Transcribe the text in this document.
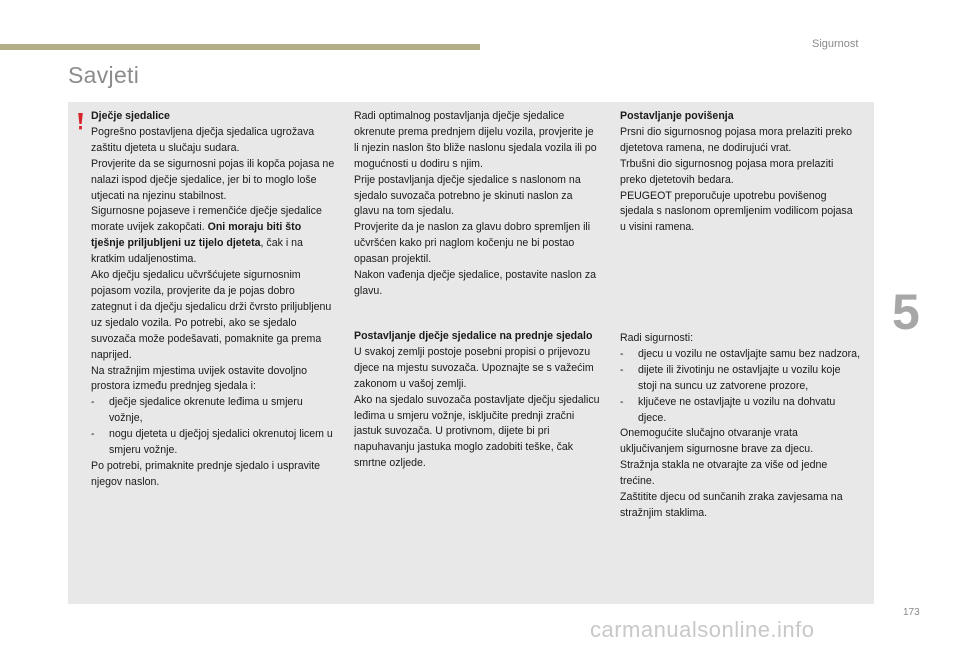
Sigurnost
Savjeti

Dječje sjedalice

Pogrešno postavljena dječja sjedalica ugrožava zaštitu djeteta u slučaju sudara.

Provjerite da se sigurnosni pojas ili kopča pojasa ne nalazi ispod dječje sjedalice, jer bi to moglo loše utjecati na njezinu stabilnost.

Sigurnosne pojaseve i remenčiće dječje sjedalice morate uvijek zakopčati. Oni moraju biti što tješnje priljubljeni uz tijelo djeteta, čak i na kratkim udaljenostima.

Ako dječju sjedalicu učvršćujete sigurnosnim pojasom vozila, provjerite da je pojas dobro zategnut i da dječju sjedalicu drži čvrsto priljubljenu uz sjedalo vozila. Po potrebi, ako se sjedalo suvozača može podešavati, pomaknite ga prema naprijed.

Na stražnjim mjestima uvijek ostavite dovoljno prostora između prednjeg sjedala i:

-	dječje sjedalice okrenute leđima u smjeru vožnje,
-	nogu djeteta u dječjoj sjedalici okrenutoj licem u smjeru vožnje.

Po potrebi, primaknite prednje sjedalo i uspravite njegov naslon.

Radi optimalnog postavljanja dječje sjedalice okrenute prema prednjem dijelu vozila, provjerite je li njezin naslon što bliže naslonu sjedala vozila ili po mogućnosti u dodiru s njim.

Prije postavljanja dječje sjedalice s naslonom na sjedalo suvozača potrebno je skinuti naslon za glavu na tom sjedalu.

Provjerite da je naslon za glavu dobro spremljen ili učvršćen kako pri naglom kočenju ne bi postao opasan projektil.

Nakon vađenja dječje sjedalice, postavite naslon za glavu.

Postavljanje dječje sjedalice na prednje sjedalo

U svakoj zemlji postoje posebni propisi o prijevozu djece na mjestu suvozača. Upoznajte se s važećim zakonom u vašoj zemlji.

Ako na sjedalo suvozača postavljate dječju sjedalicu leđima u smjeru vožnje, isključite prednji zračni jastuk suvozača. U protivnom, dijete bi pri napuhavanju jastuka moglo zadobiti teške, čak smrtne ozljede.

Postavljanje povišenja

Prsni dio sigurnosnog pojasa mora prelaziti preko djetetova ramena, ne dodirujući vrat.

Trbušni dio sigurnosnog pojasa mora prelaziti preko djetetovih bedara.

PEUGEOT preporučuje upotrebu povišenog sjedala s naslonom opremljenim vodilicom pojasa u visini ramena.

Radi sigurnosti:

-	djecu u vozilu ne ostavljajte samu bez nadzora,
-	dijete ili životinju ne ostavljajte u vozilu koje stoji na suncu uz zatvorene prozore,
-	ključeve ne ostavljajte u vozilu na dohvatu djece.

Onemogućite slučajno otvaranje vrata uključivanjem sigurnosne brave za djecu.

Stražnja stakla ne otvarajte za više od jedne trećine.

Zaštitite djecu od sunčanih zraka zavjesama na stražnjim staklima.

5
173
carmanualsonline.info
